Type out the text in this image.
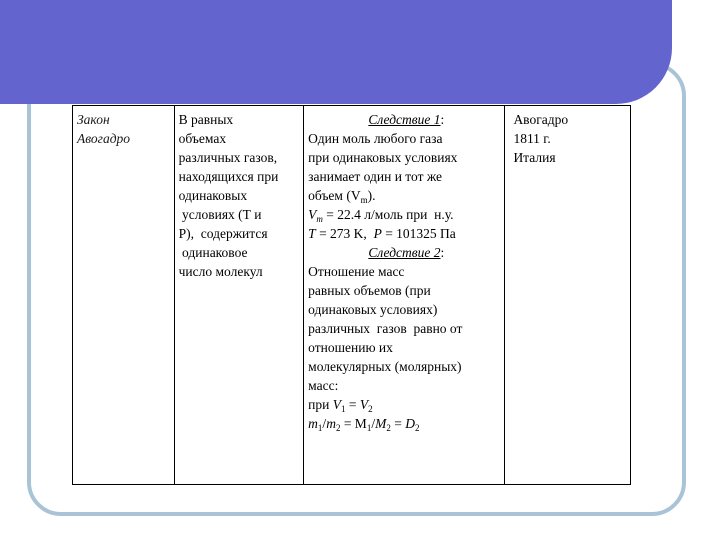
Закон
Авогадро
В равных
объемах
различных газов,
находящихся при
одинаковых
условиях (Т и
Р),  содержится
одинаковое
число молекул
Следствие 1:
Один моль любого газа
при одинаковых условиях
занимает один и тот же
объем $(V_m)$.
$V_m = 22.4$ л/моль при  н.у.
T = 273 K,  P = 101325 Па
Следствие 2:
Отношение масс
равных объемов (при
одинаковых условиях)
различных  газов  равно от
отношению их
молекулярных (молярных)
масс:
при $V_1 = V_2$
$m_1/m_2 = M_1/M_2 = D_2$
Авогадро
1811 г.
Италия
